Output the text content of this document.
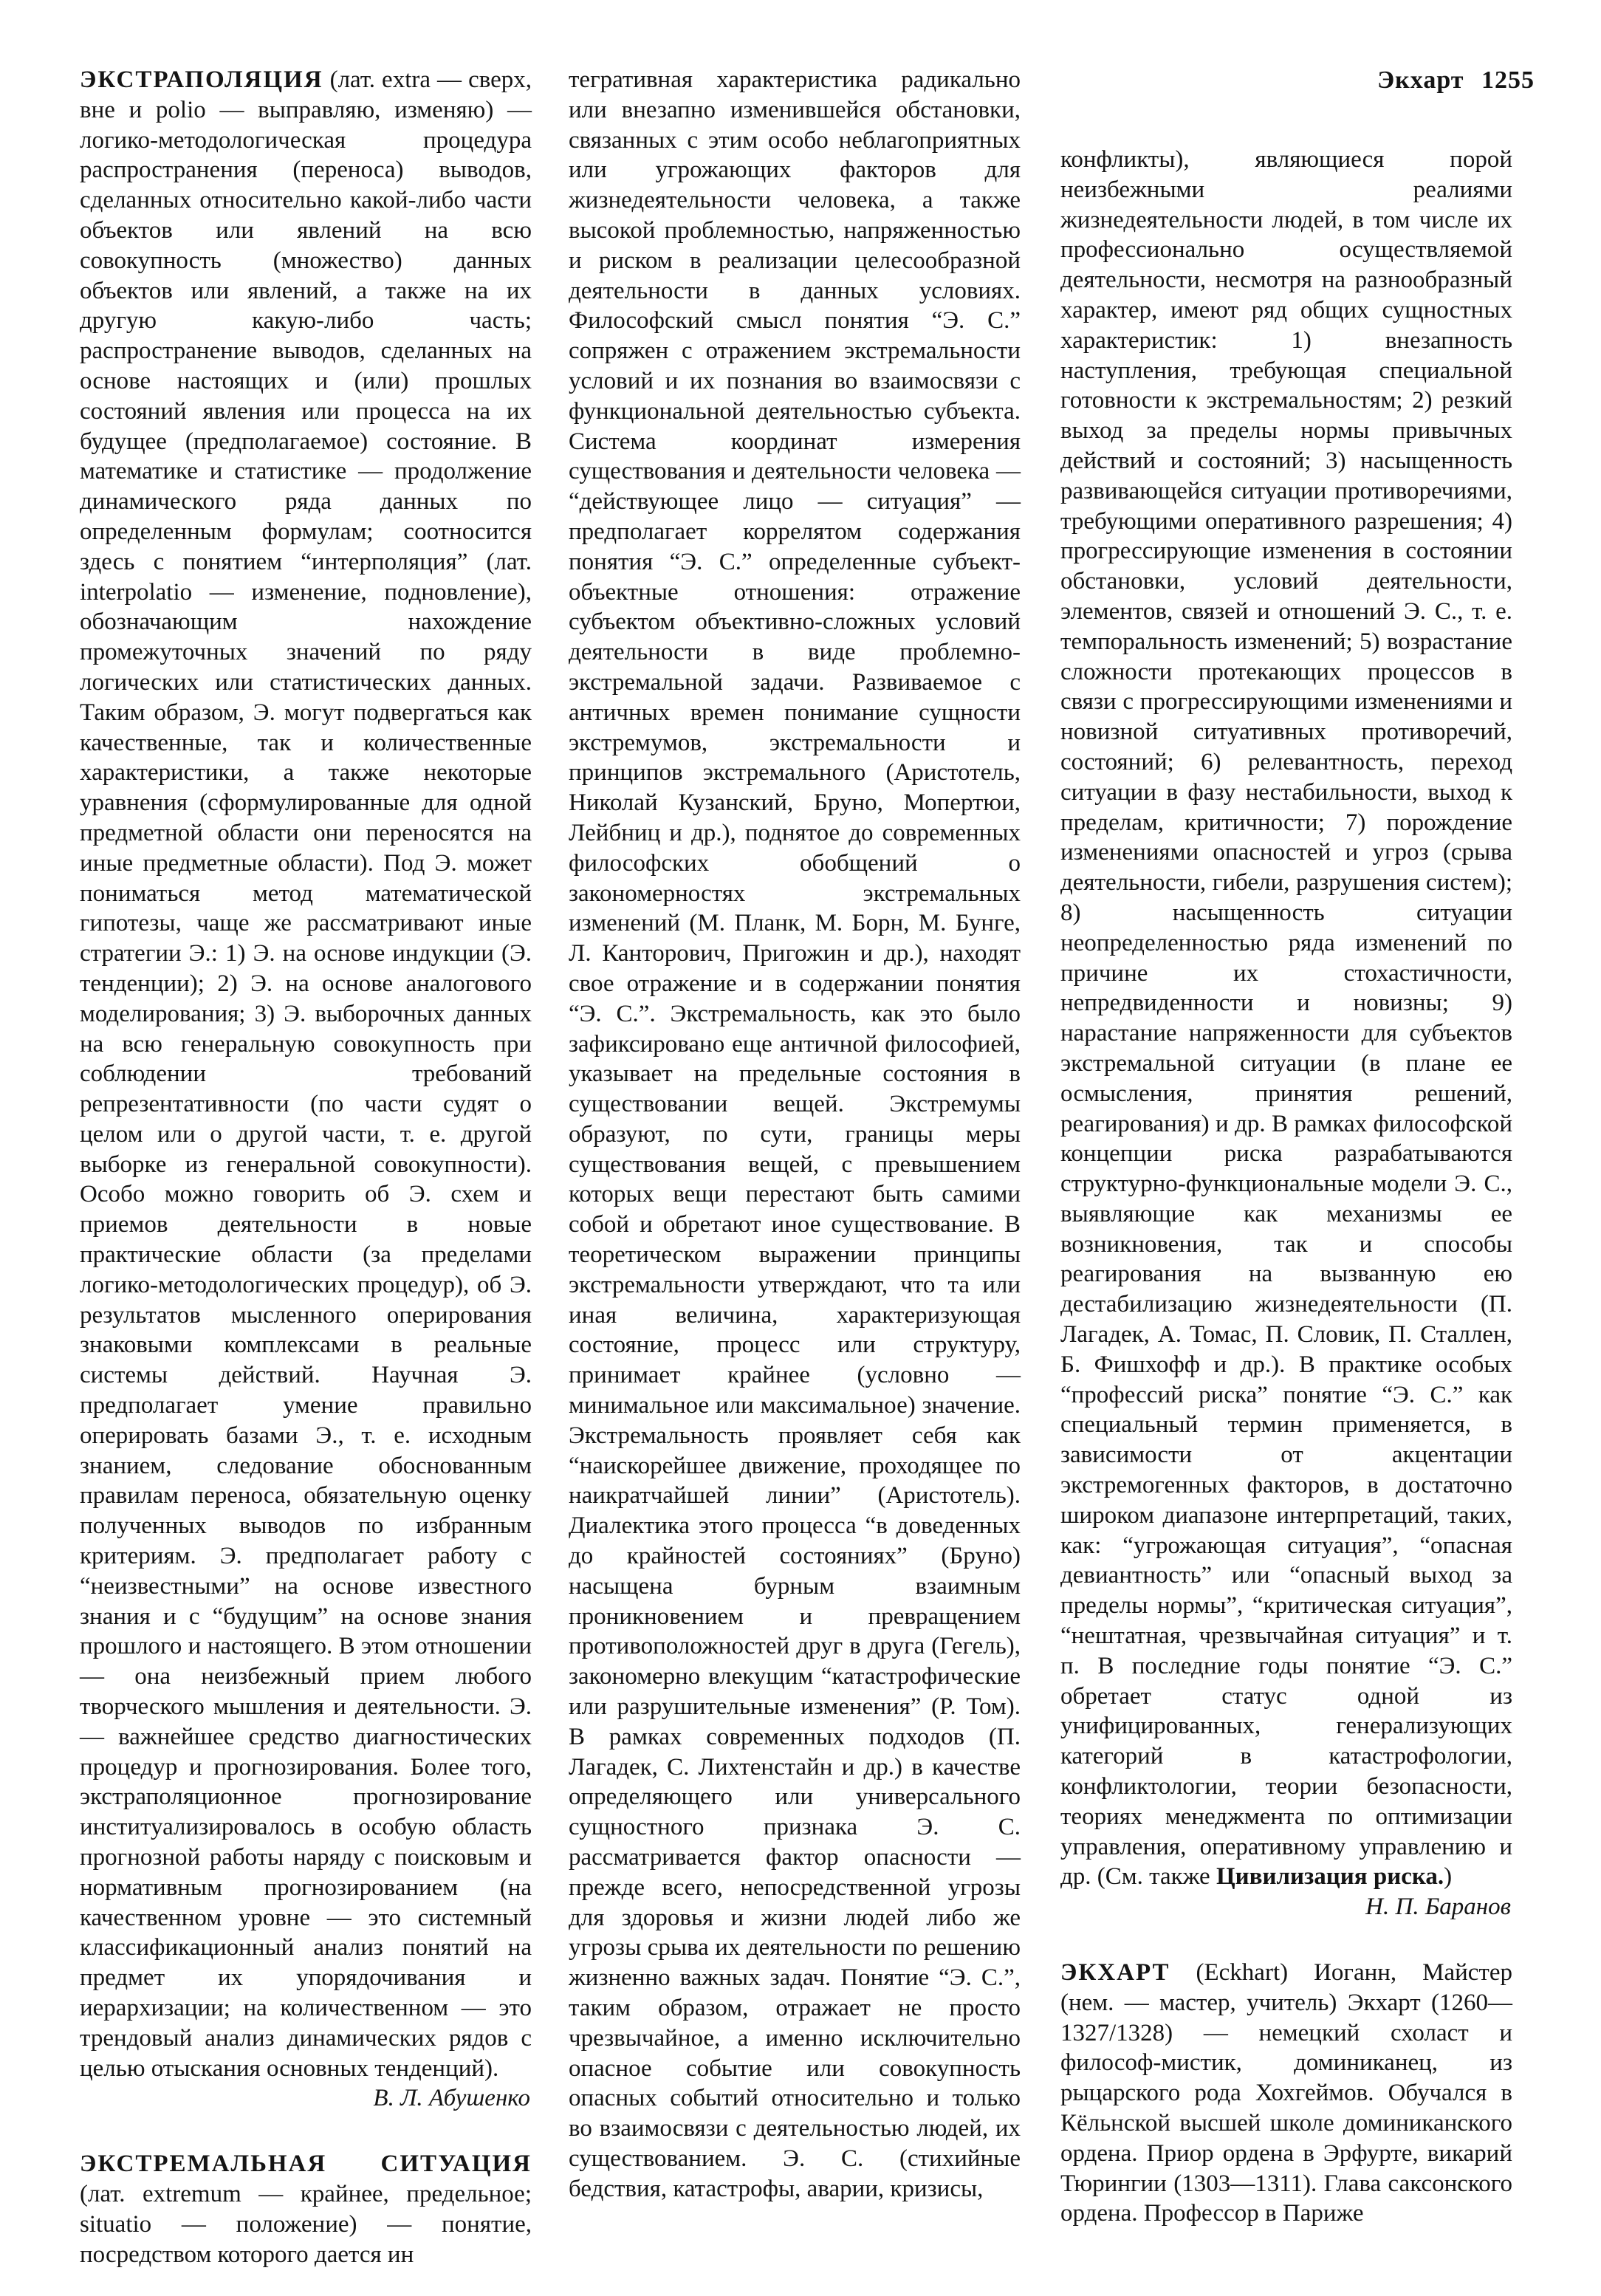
Экхарт 1255

ЭКСТРАПОЛЯЦИЯ (лат. extra — сверх, вне и polio — выправляю, изменяю) — логико-методологическая процедура распространения (переноса) выводов, сделанных относительно какой-либо части объектов или явлений на всю совокупность (множество) данных объектов или явлений, а также на их другую какую-либо часть; распространение выводов, сделанных на основе настоящих и (или) прошлых состояний явления или процесса на их будущее (предполагаемое) состояние. В математике и статистике — продолжение динамического ряда данных по определенным формулам; соотносится здесь с понятием “интерполяция” (лат. interpolatio — изменение, подновление), обозначающим нахождение промежуточных значений по ряду логических или статистических данных. Таким образом, Э. могут подвергаться как качественные, так и количественные характеристики, а также некоторые уравнения (сформулированные для одной предметной области они переносятся на иные предметные области). Под Э. может пониматься метод математической гипотезы, чаще же рассматривают иные стратегии Э.: 1) Э. на основе индукции (Э. тенденции); 2) Э. на основе аналогового моделирования; 3) Э. выборочных данных на всю генеральную совокупность при соблюдении требований репрезентативности (по части судят о целом или о другой части, т. е. другой выборке из генеральной совокупности). Особо можно говорить об Э. схем и приемов деятельности в новые практические области (за пределами логико-методологических процедур), об Э. результатов мысленного оперирования знаковыми комплексами в реальные системы действий. Научная Э. предполагает умение правильно оперировать базами Э., т. е. исходным знанием, следование обоснованным правилам переноса, обязательную оценку полученных выводов по избранным критериям. Э. предполагает работу с “неизвестными” на основе известного знания и с “будущим” на основе знания прошлого и настоящего. В этом отношении — она неизбежный прием любого творческого мышления и деятельности. Э. — важнейшее средство диагностических процедур и прогнозирования. Более того, экстраполяционное прогнозирование институализировалось в особую область прогнозной работы наряду с поисковым и нормативным прогнозированием (на качественном уровне — это системный классификационный анализ понятий на предмет их упорядочивания и иерархизации; на количественном — это трендовый анализ динамических рядов с целью отыскания основных тенденций).

В. Л. Абушенко

ЭКСТРЕМАЛЬНАЯ СИТУАЦИЯ (лат. extremum — крайнее, предельное; situatio — положение) — понятие, посредством которого дается ин

тегративная характеристика радикально или внезапно изменившейся обстановки, связанных с этим особо неблагоприятных или угрожающих факторов для жизнедеятельности человека, а также высокой проблемностью, напряженностью и риском в реализации целесообразной деятельности в данных условиях. Философский смысл понятия “Э. С.” сопряжен с отражением экстремальности условий и их познания во взаимосвязи с функциональной деятельностью субъекта. Система координат измерения существования и деятельности человека — “действующее лицо — ситуация” — предполагает коррелятом содержания понятия “Э. С.” определенные субъект-объектные отношения: отражение субъектом объективно-сложных условий деятельности в виде проблемно-экстремальной задачи. Развиваемое с античных времен понимание сущности экстремумов, экстремальности и принципов экстремального (Аристотель, Николай Кузанский, Бруно, Мопертюи, Лейбниц и др.), поднятое до современных философских обобщений о закономерностях экстремальных изменений (М. Планк, М. Борн, М. Бунге, Л. Канторович, Пригожин и др.), находят свое отражение и в содержании понятия “Э. С.”. Экстремальность, как это было зафиксировано еще античной философией, указывает на предельные состояния в существовании вещей. Экстремумы образуют, по сути, границы меры существования вещей, с превышением которых вещи перестают быть самими собой и обретают иное существование. В теоретическом выражении принципы экстремальности утверждают, что та или иная величина, характеризующая состояние, процесс или структуру, принимает крайнее (условно — минимальное или максимальное) значение. Экстремальность проявляет себя как “наискорейшее движение, проходящее по наикратчайшей линии” (Аристотель). Диалектика этого процесса “в доведенных до крайностей состояниях” (Бруно) насыщена бурным взаимным проникновением и превращением противоположностей друг в друга (Гегель), закономерно влекущим “катастрофические или разрушительные изменения” (Р. Том). В рамках современных подходов (П. Лагадек, С. Лихтенстайн и др.) в качестве определяющего или универсального сущностного признака Э. С. рассматривается фактор опасности — прежде всего, непосредственной угрозы для здоровья и жизни людей либо же угрозы срыва их деятельности по решению жизненно важных задач. Понятие “Э. С.”, таким образом, отражает не просто чрезвычайное, а именно исключительно опасное событие или совокупность опасных событий относительно и только во взаимосвязи с деятельностью людей, их существованием. Э. С. (стихийные бедствия, катастрофы, аварии, кризисы,

конфликты), являющиеся порой неизбежными реалиями жизнедеятельности людей, в том числе их профессионально осуществляемой деятельности, несмотря на разнообразный характер, имеют ряд общих сущностных характеристик: 1) внезапность наступления, требующая специальной готовности к экстремальностям; 2) резкий выход за пределы нормы привычных действий и состояний; 3) насыщенность развивающейся ситуации противоречиями, требующими оперативного разрешения; 4) прогрессирующие изменения в состоянии обстановки, условий деятельности, элементов, связей и отношений Э. С., т. е. темпоральность изменений; 5) возрастание сложности протекающих процессов в связи с прогрессирующими изменениями и новизной ситуативных противоречий, состояний; 6) релевантность, переход ситуации в фазу нестабильности, выход к пределам, критичности; 7) порождение изменениями опасностей и угроз (срыва деятельности, гибели, разрушения систем); 8) насыщенность ситуации неопределенностью ряда изменений по причине их стохастичности, непредвиденности и новизны; 9) нарастание напряженности для субъектов экстремальной ситуации (в плане ее осмысления, принятия решений, реагирования) и др. В рамках философской концепции риска разрабатываются структурно-функциональные модели Э. С., выявляющие как механизмы ее возникновения, так и способы реагирования на вызванную ею дестабилизацию жизнедеятельности (П. Лагадек, А. Томас, П. Словик, П. Сталлен, Б. Фишхофф и др.). В практике особых “профессий риска” понятие “Э. С.” как специальный термин применяется, в зависимости от акцентации экстремогенных факторов, в достаточно широком диапазоне интерпретаций, таких, как: “угрожающая ситуация”, “опасная девиантность” или “опасный выход за пределы нормы”, “критическая ситуация”, “нештатная, чрезвычайная ситуация” и т. п. В последние годы понятие “Э. С.” обретает статус одной из унифицированных, генерализующих категорий в катастрофологии, конфликтологии, теории безопасности, теориях менеджмента по оптимизации управления, оперативному управлению и др. (См. также Цивилизация риска.)

Н. П. Баранов

ЭКХАРТ (Eckhart) Иоганн, Майстер (нем. — мастер, учитель) Экхарт (1260—1327/1328) — немецкий схоласт и философ-мистик, доминиканец, из рыцарского рода Хохгеймов. Обучался в Кёльнской высшей школе доминиканского ордена. Приор ордена в Эрфурте, викарий Тюрингии (1303—1311). Глава саксонского ордена. Профессор в Париже
